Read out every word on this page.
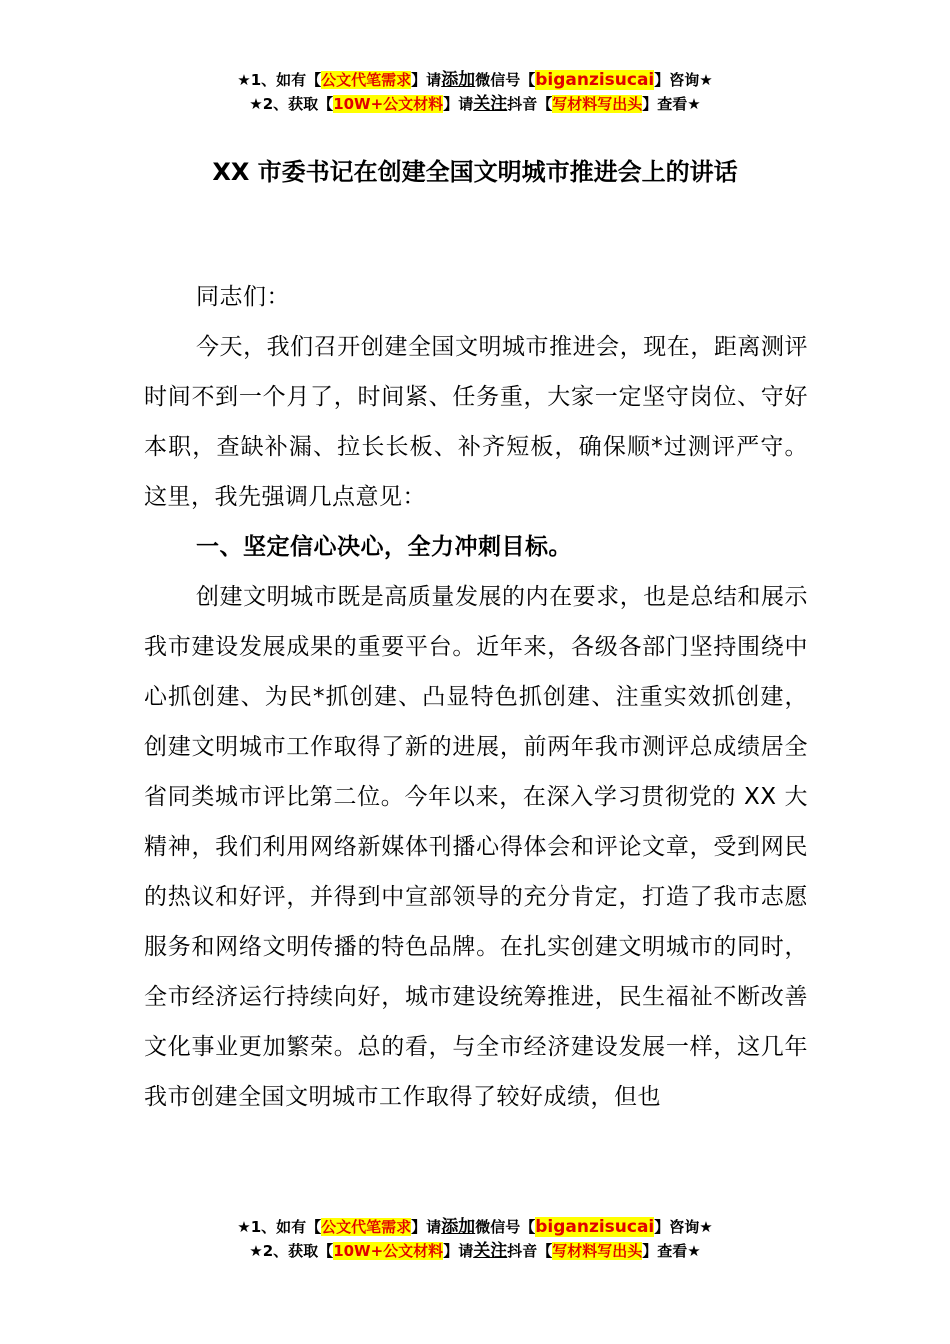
★1、如有【公文代笔需求】请添加微信号【biganzisucai】咨询★
★2、获取【10W+公文材料】请关注抖音【写材料写出头】查看★
XX 市委书记在创建全国文明城市推进会上的讲话

同志们：

今天，我们召开创建全国文明城市推进会，现在，距离测评时间不到一个月了，时间紧、任务重，大家一定坚守岗位、守好本职，查缺补漏、拉长长板、补齐短板，确保顺*过测评严守。这里，我先强调几点意见：

一、坚定信心决心，全力冲刺目标。

创建文明城市既是高质量发展的内在要求，也是总结和展示我市建设发展成果的重要平台。近年来，各级各部门坚持围绕中心抓创建、为民*抓创建、凸显特色抓创建、注重实效抓创建，创建文明城市工作取得了新的进展，前两年我市测评总成绩居全省同类城市评比第二位。今年以来，在深入学习贯彻党的 XX 大精神，我们利用网络新媒体刊播心得体会和评论文章，受到网民的热议和好评，并得到中宣部领导的充分肯定，打造了我市志愿服务和网络文明传播的特色品牌。在扎实创建文明城市的同时，全市经济运行持续向好，城市建设统筹推进，民生福祉不断改善文化事业更加繁荣。总的看，与全市经济建设发展一样，这几年我市创建全国文明城市工作取得了较好成绩，但也

★1、如有【公文代笔需求】请添加微信号【biganzisucai】咨询★
★2、获取【10W+公文材料】请关注抖音【写材料写出头】查看★
